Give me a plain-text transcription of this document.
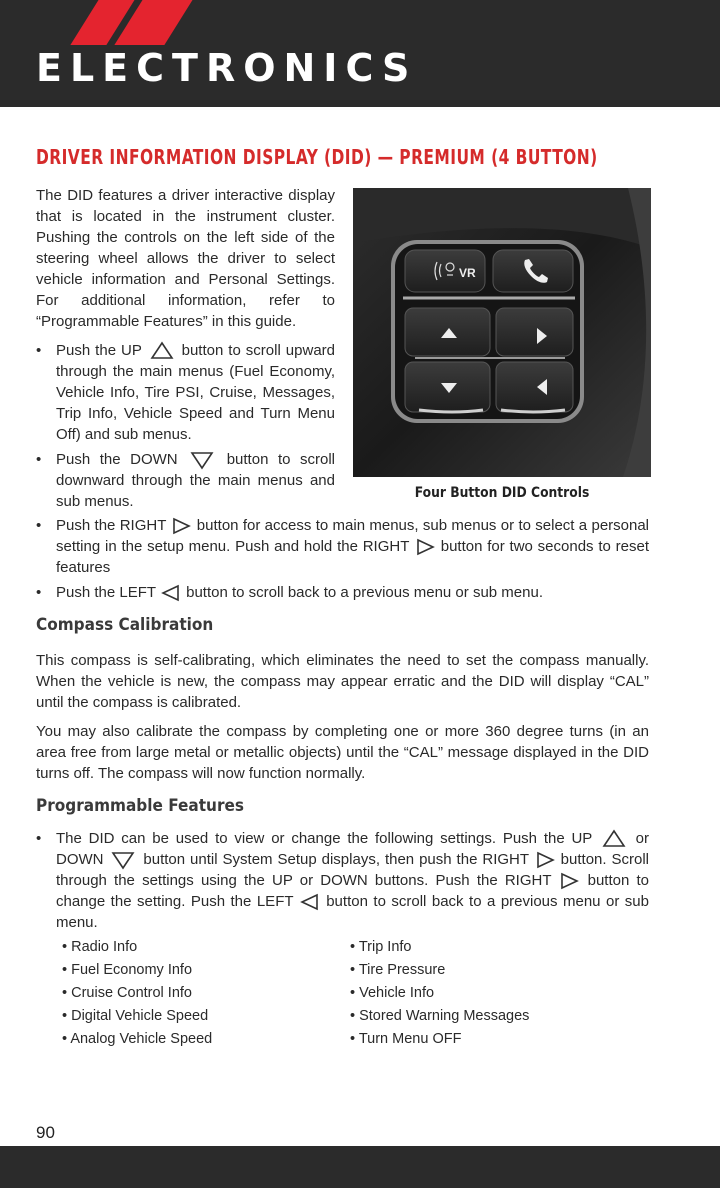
ELECTRONICS
DRIVER INFORMATION DISPLAY (DID) — PREMIUM (4 BUTTON)
The DID features a driver interactive display that is located in the instrument cluster. Pushing the controls on the left side of the steering wheel allows the driver to select vehicle information and Personal Settings. For additional information, refer to “Programmable Features” in this guide.
• Push the UP	button to scroll upward through the main menus (Fuel Economy, Vehicle Info, Tire PSI, Cruise, Messages, Trip Info, Vehicle Speed and Turn Menu Off) and sub menus.
• Push the DOWN	button to scroll downward through the main menus and sub menus.
• Push the RIGHT button for access to main menus, sub menus or to select a personal setting in the setup menu. Push and hold the RIGHT button for two seconds to reset features
• Push the LEFT button to scroll back to a previous menu or sub menu.
VR
Four Button DID Controls
Compass Calibration
This compass is self-calibrating, which eliminates the need to set the compass manually. When the vehicle is new, the compass may appear erratic and the DID will display “CAL” until the compass is calibrated.
You may also calibrate the compass by completing one or more 360 degree turns (in an area free from large metal or metallic objects) until the “CAL” message displayed in the DID turns off. The compass will now function normally.
Programmable Features
• The DID can be used to view or change the following settings. Push the UP	or DOWN	button until System Setup displays, then push the RIGHT button. Scroll through the settings using the UP or DOWN buttons. Push the RIGHT button to change the setting. Push the LEFT button to scroll back to a previous menu or sub menu.
• Radio Info
• Fuel Economy Info
• Cruise Control Info
• Digital Vehicle Speed
• Analog Vehicle Speed
• Trip Info
• Tire Pressure
• Vehicle Info
• Stored Warning Messages
• Turn Menu OFF
90
